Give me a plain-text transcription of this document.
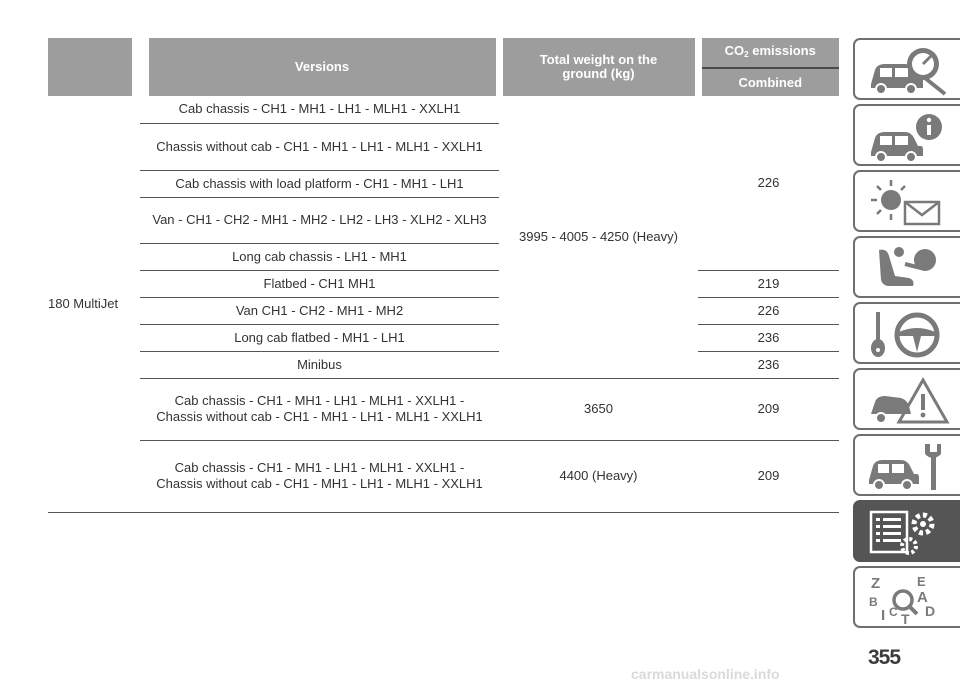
	Versions	Total weight on the ground (kg)	$CO_2$ emissions
			Combined
180 MultiJet	Cab chassis - CH1 - MH1 - LH1 - MLH1 - XXLH1	3995 - 4005 - 4250 (Heavy)	226
	Chassis without cab - CH1 - MH1 - LH1 - MLH1 - XXLH1		
	Cab chassis with load platform - CH1 - MH1 - LH1		
	Van - CH1 - CH2 - MH1 - MH2 - LH2 - LH3 - XLH2 - XLH3		
	Long cab chassis - LH1 - MH1		
	Flatbed - CH1 MH1		219
	Van CH1 - CH2 - MH1 - MH2		226
	Long cab flatbed - MH1 - LH1		236
	Minibus		236
	Cab chassis - CH1 - MH1 - LH1 - MLH1 - XXLH1 - Chassis without cab - CH1 - MH1 - LH1 - MLH1 - XXLH1	3650	209
	Cab chassis - CH1 - MH1 - LH1 - MLH1 - XXLH1 - Chassis without cab - CH1 - MH1 - LH1 - MLH1 - XXLH1	4400 (Heavy)	209
Z	E
A
B
I C T D
355
carmanualsonline.info
